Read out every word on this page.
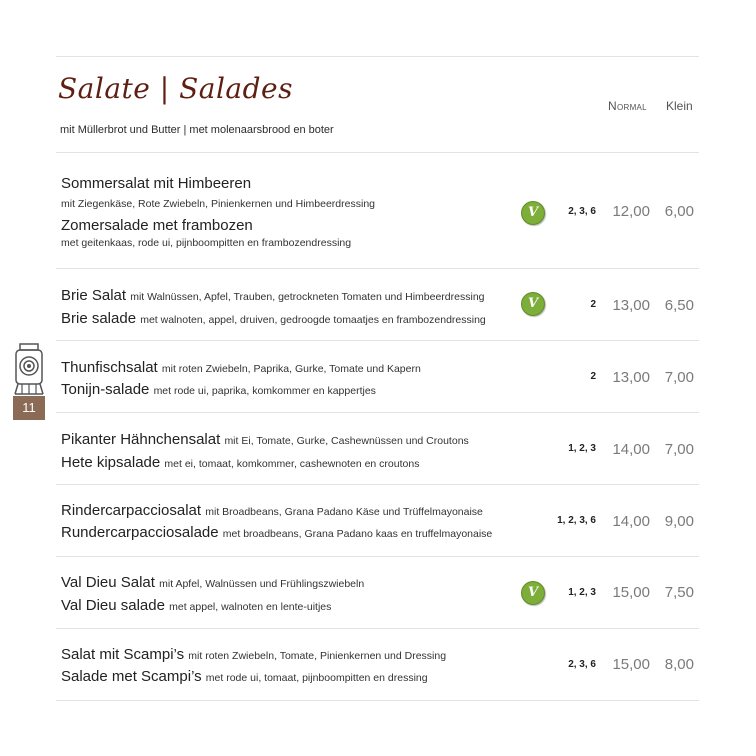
Salate | Salades
mit Müllerbrot und Butter | met molenaarsbrood en boter
Normal Klein
Sommersalat mit Himbeeren
mit Ziegenkäse, Rote Zwiebeln, Pinienkernen und Himbeerdressing
Zomersalade met frambozen
met geitenkaas, rode ui, pijnboompitten en frambozendressing
V	2, 3, 6	12,00 6,00
Brie Salat mit Walnüssen, Apfel, Trauben, getrockneten Tomaten und Himbeerdressing
Brie salade met walnoten, appel, druiven, gedroogde tomaatjes en frambozendressing
V	2	13,00 6,50
Thunfischsalat mit roten Zwiebeln, Paprika, Gurke, Tomate und Kapern
Tonijn-salade met rode ui, paprika, komkommer en kappertjes
2	13,00 7,00
Pikanter Hähnchensalat mit Ei, Tomate, Gurke, Cashewnüssen und Croutons
Hete kipsalade met ei, tomaat, komkommer, cashewnoten en croutons
1, 2, 3	14,00 7,00
Rindercarpacciosalat mit Broadbeans, Grana Padano Käse und Trüffelmayonaise
Rundercarpacciosalade met broadbeans, Grana Padano kaas en truffelmayonaise
1, 2, 3, 6	14,00 9,00
Val Dieu Salat mit Apfel, Walnüssen und Frühlingszwiebeln
Val Dieu salade met appel, walnoten en lente-uitjes
V	1, 2, 3	15,00 7,50
Salat mit Scampi’s mit roten Zwiebeln, Tomate, Pinienkernen und Dressing
Salade met Scampi’s met rode ui, tomaat, pijnboompitten en dressing
2, 3, 6	15,00 8,00
11
